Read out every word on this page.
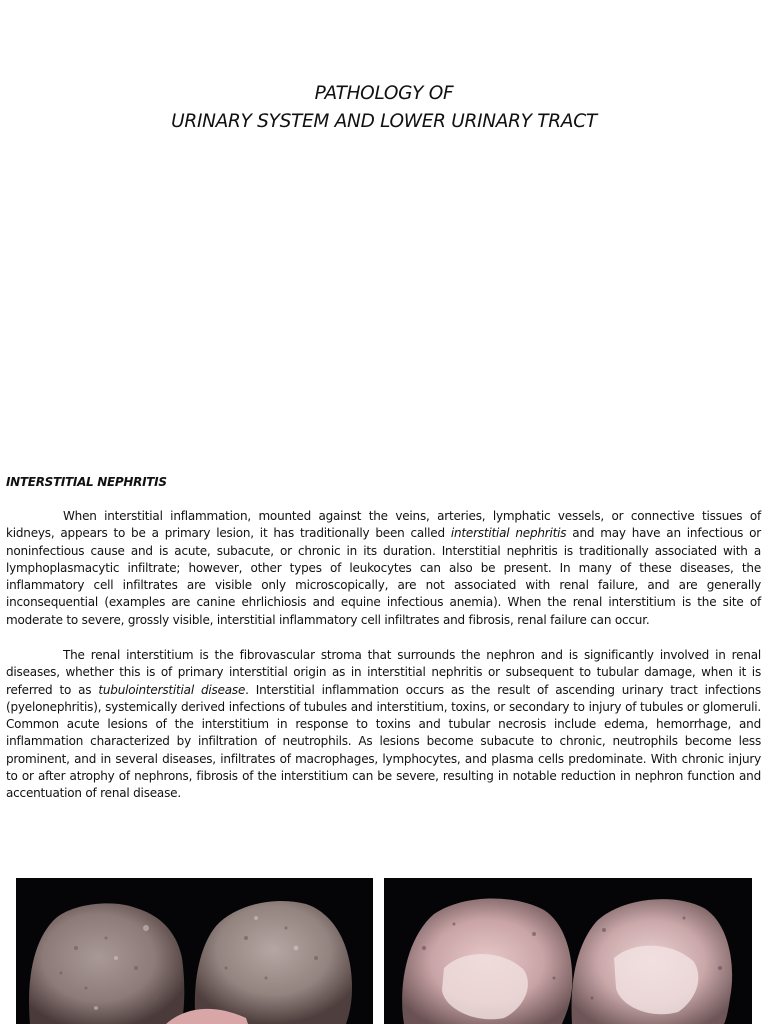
PATHOLOGY OF
URINARY SYSTEM AND LOWER URINARY TRACT
INTERSTITIAL NEPHRITIS

When interstitial inflammation, mounted against the veins, arteries, lymphatic vessels, or connective tissues of kidneys, appears to be a primary lesion, it has traditionally been called interstitial nephritis and may have an infectious or noninfectious cause and is acute, subacute, or chronic in its duration. Interstitial nephritis is traditionally associated with a lymphoplasmacytic infiltrate; however, other types of leukocytes can also be present. In many of these diseases, the inflammatory cell infiltrates are visible only microscopically, are not associated with renal failure, and are generally inconsequential (examples are canine ehrlichiosis and equine infectious anemia). When the renal interstitium is the site of moderate to severe, grossly visible, interstitial inflammatory cell infiltrates and fibrosis, renal failure can occur.

The renal interstitium is the fibrovascular stroma that surrounds the nephron and is significantly involved in renal diseases, whether this is of primary interstitial origin as in interstitial nephritis or subsequent to tubular damage, when it is referred to as tubulointerstitial disease. Interstitial inflammation occurs as the result of ascending urinary tract infections (pyelonephritis), systemically derived infections of tubules and interstitium, toxins, or secondary to injury of tubules or glomeruli. Common acute lesions of the interstitium in response to toxins and tubular necrosis include edema, hemorrhage, and inflammation characterized by infiltration of neutrophils. As lesions become subacute to chronic, neutrophils become less prominent, and in several diseases, infiltrates of macrophages, lymphocytes, and plasma cells predominate. With chronic injury to or after atrophy of nephrons, fibrosis of the interstitium can be severe, resulting in notable reduction in nephron function and accentuation of renal disease.
